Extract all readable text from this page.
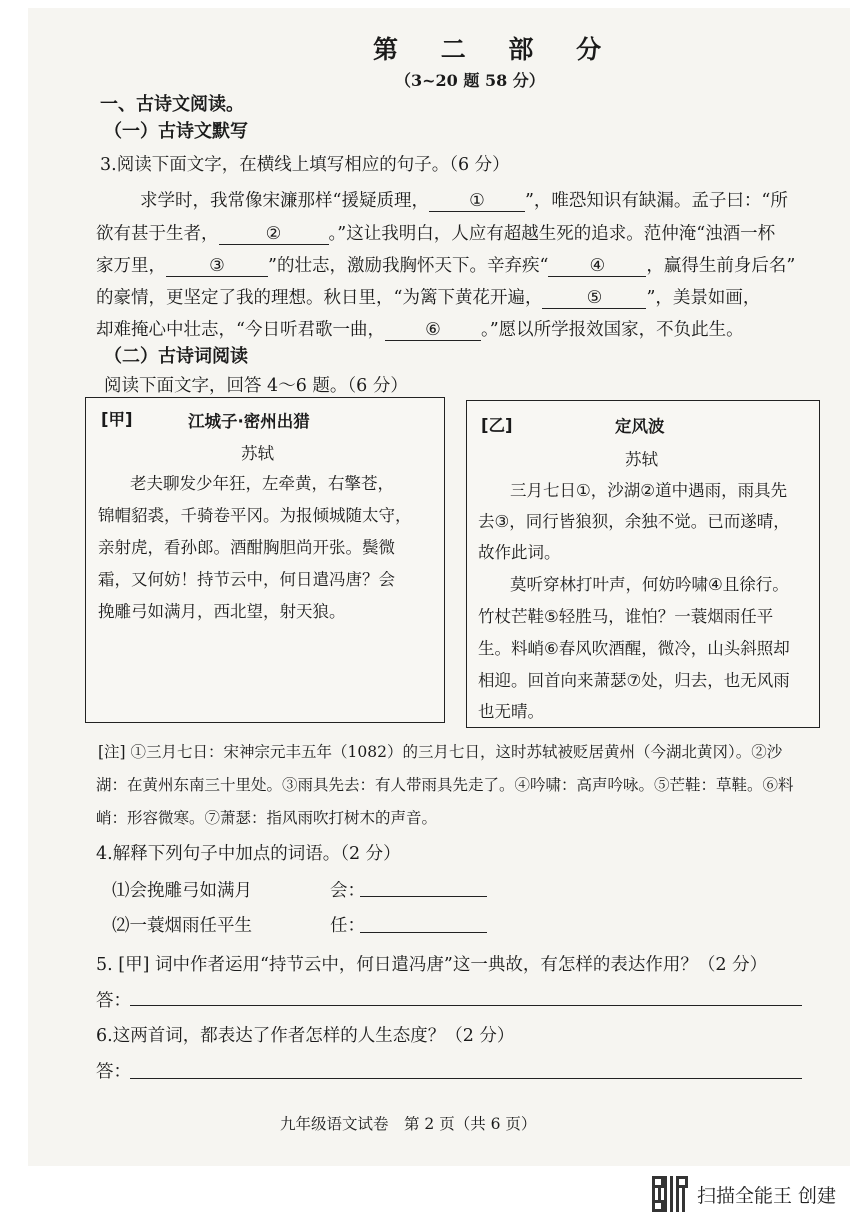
第 二 部 分
（3~20 题 58 分）
一、古诗文阅读。
（一）古诗文默写
3.阅读下面文字，在横线上填写相应的句子。（6 分）
求学时，我常像宋濂那样“援疑质理， ① ”，唯恐知识有缺漏。孟子曰：“所
欲有甚于生者，	②	。”这让我明白，人应有超越生死的追求。范仲淹“浊酒一杯
家万里， ③ ”的壮志，激励我胸怀天下。辛弃疾“ ④ ，赢得生前身后名”
的豪情，更坚定了我的理想。秋日里，“为篱下黄花开遍，	⑤	”，美景如画，
却难掩心中壮志，“今日听君歌一曲， ⑥ 。”愿以所学报效国家，不负此生。
（二）古诗词阅读
阅读下面文字，回答 4～6 题。（6 分）
[甲]	江城子·密州出猎
苏轼
老夫聊发少年狂，左牵黄，右擎苍，
锦帽貂裘，千骑卷平冈。为报倾城随太守，
亲射虎，看孙郎。酒酣胸胆尚开张。鬓微
霜，又何妨！持节云中，何日遣冯唐？会
挽雕弓如满月，西北望，射天狼。
[乙]	定风波
苏轼
三月七日①，沙湖②道中遇雨，雨具先
去③，同行皆狼狈，余独不觉。已而遂晴，
故作此词。
莫听穿林打叶声，何妨吟啸④且徐行。
竹杖芒鞋⑤轻胜马，谁怕？一蓑烟雨任平
生。料峭⑥春风吹酒醒，微冷，山头斜照却
相迎。回首向来萧瑟⑦处，归去，也无风雨
也无晴。
[注] ①三月七日：宋神宗元丰五年（1082）的三月七日，这时苏轼被贬居黄州（今湖北黄冈）。②沙
湖：在黄州东南三十里处。③雨具先去：有人带雨具先走了。④吟啸：高声吟咏。⑤芒鞋：草鞋。⑥料
峭：形容微寒。⑦萧瑟：指风雨吹打树木的声音。
4.解释下列句子中加点的词语。（2 分）
⑴会挽雕弓如满月	会：
⑵一蓑烟雨任平生	任：
5. [甲] 词中作者运用“持节云中，何日遣冯唐”这一典故，有怎样的表达作用？（2 分）
答：
6.这两首词，都表达了作者怎样的人生态度？（2 分）
答：
九年级语文试卷　第 2 页（共 6 页）
扫描全能王 创建
